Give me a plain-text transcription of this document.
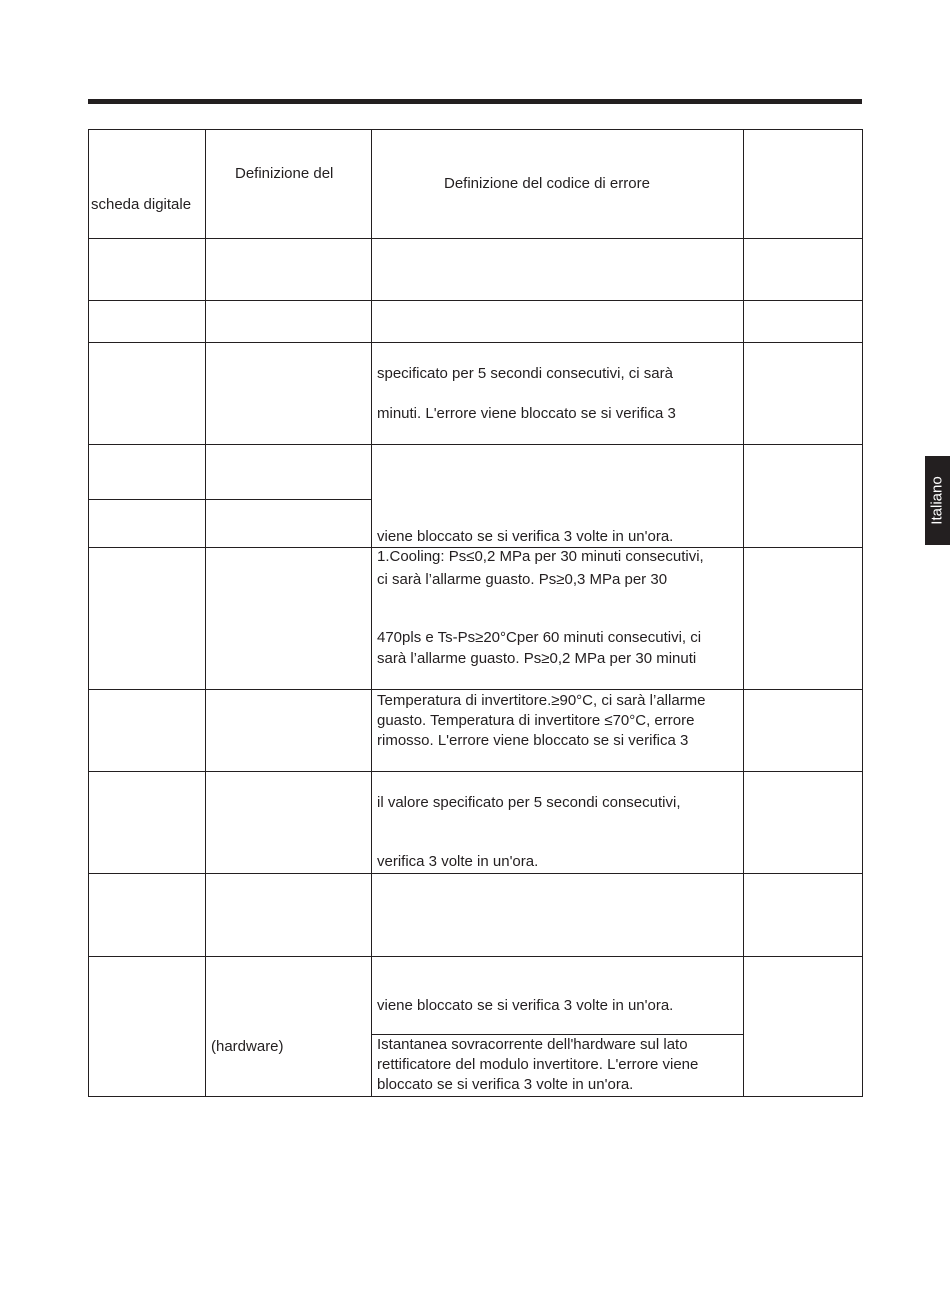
scheda digitale
Definizione del
Definizione del codice di errore
specificato per 5 secondi consecutivi, ci sarà
minuti. L'errore viene bloccato se si verifica 3
viene bloccato se si verifica 3 volte in un'ora.
1.Cooling: Ps≤0,2 MPa per 30 minuti consecutivi,
ci sarà l’allarme guasto. Ps≥0,3 MPa per 30
470pls e Ts-Ps≥20°Cper 60 minuti consecutivi, ci
sarà l’allarme guasto. Ps≥0,2 MPa per 30 minuti
Temperatura di invertitore.≥90°C, ci sarà l’allarme
guasto. Temperatura di invertitore ≤70°C, errore
rimosso. L'errore viene bloccato se si verifica 3
il valore specificato per 5 secondi consecutivi,
verifica 3 volte in un'ora.
viene bloccato se si verifica 3 volte in un'ora.
(hardware)	Istantanea sovracorrente dell'hardware sul lato
rettificatore del modulo invertitore. L'errore viene
bloccato se si verifica 3 volte in un'ora.
Italiano
